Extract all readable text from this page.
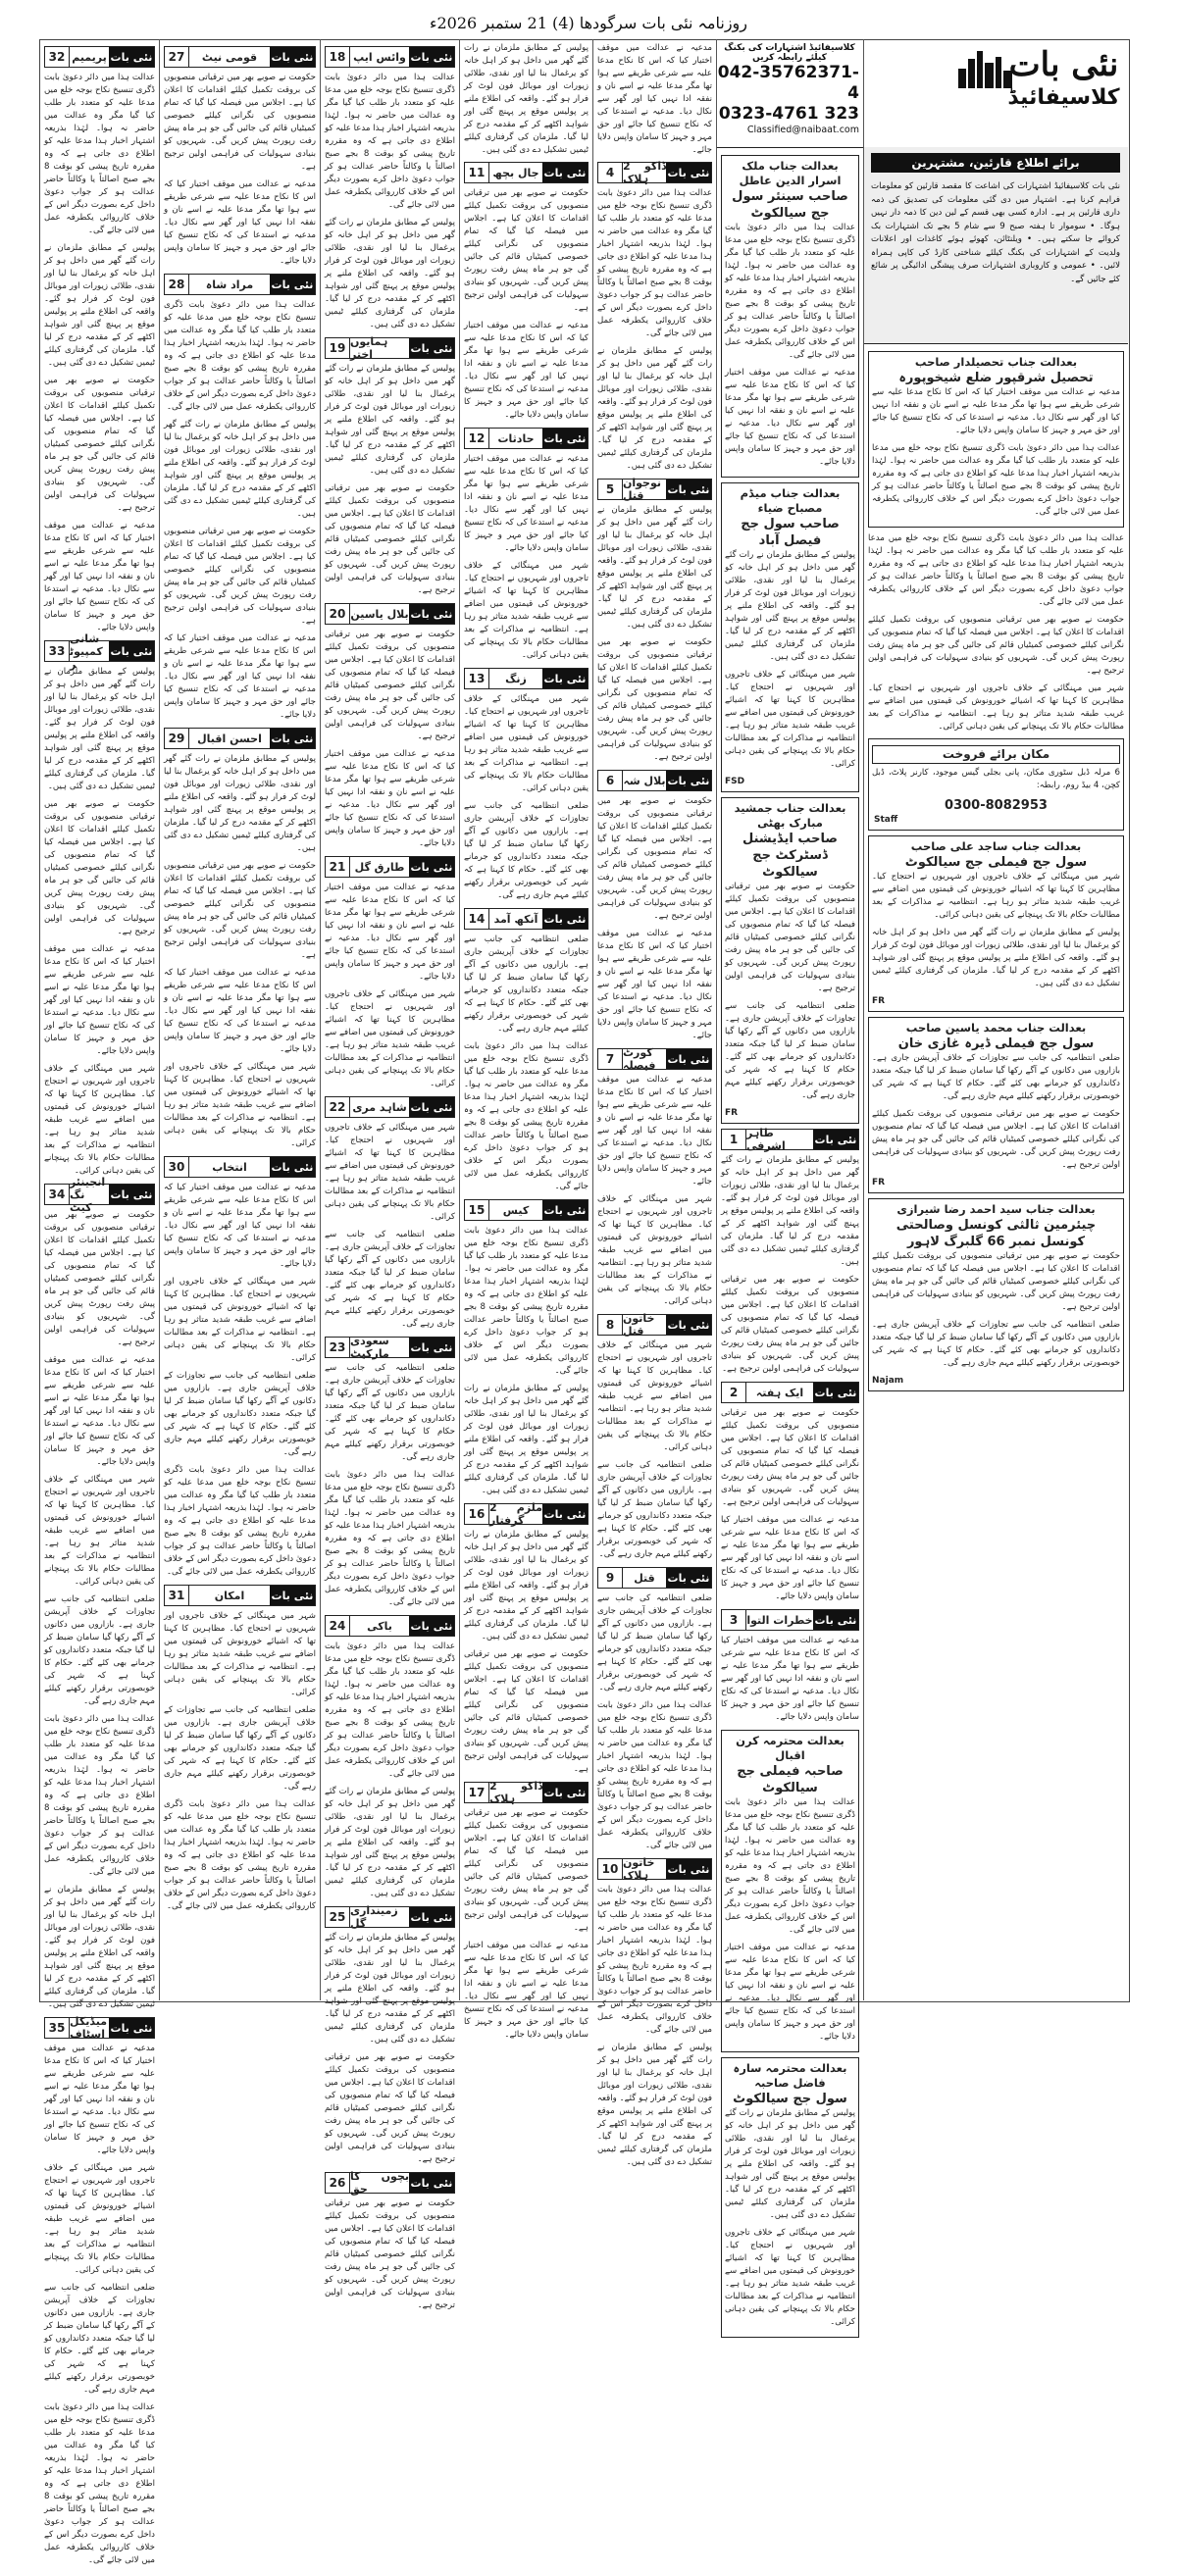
روزنامہ نئی بات سرگودھا (4) 21 ستمبر 2026ء
نئی بات
کلاسیفائیڈ
کلاسیفائیڈ اشتہارات کی بکنگ کیلئے رابطہ کریں
042-35762371-4
0323-4761 323
Classified@naibaat.com
برائے اطلاع قارئین، مشتہرین
نئی بات کلاسیفائیڈ اشتہارات کی اشاعت کا مقصد قارئین کو معلومات فراہم کرنا ہے۔ اشتہار میں دی گئی معلومات کی تصدیق کی ذمہ داری قارئین پر ہے۔ ادارہ کسی بھی قسم کے لین دین کا ذمہ دار نہیں ہوگا۔ • سوموار تا ہفتہ صبح 9 سے شام 5 بجے تک اشتہارات بک کروائے جا سکتے ہیں۔ • ویلنٹائن، کھوئے ہوئے کاغذات اور اعلانات ولدیت کے اشتہارات کی بکنگ کیلئے شناختی کارڈ کی کاپی ہمراہ لائیں۔ • عمومی و کاروباری اشتہارات صرف پیشگی ادائیگی پر شائع کئے جائیں گے۔
32 پریمیم نئی بات

عدالت ہذا میں دائر دعویٰ بابت ڈگری تنسیخ نکاح بوجہ خلع میں مدعا علیہ کو متعدد بار طلب کیا گیا مگر وہ عدالت میں حاضر نہ ہوا۔ لہٰذا بذریعہ اشتہار اخبار ہذا مدعا علیہ کو اطلاع دی جاتی ہے کہ وہ مقررہ تاریخ پیشی کو بوقت 8 بجے صبح اصالتاً یا وکالتاً حاضر عدالت ہو کر جواب دعویٰ داخل کرے بصورت دیگر اس کے خلاف کارروائی یکطرفہ عمل میں لائی جائے گی۔

پولیس کے مطابق ملزمان نے رات گئے گھر میں داخل ہو کر اہل خانہ کو یرغمال بنا لیا اور نقدی، طلائی زیورات اور موبائل فون لوٹ کر فرار ہو گئے۔ واقعہ کی اطلاع ملنے پر پولیس موقع پر پہنچ گئی اور شواہد اکٹھے کر کے مقدمہ درج کر لیا گیا۔ ملزمان کی گرفتاری کیلئے ٹیمیں تشکیل دے دی گئی ہیں۔

حکومت نے صوبے بھر میں ترقیاتی منصوبوں کی بروقت تکمیل کیلئے اقدامات کا اعلان کیا ہے۔ اجلاس میں فیصلہ کیا گیا کہ تمام منصوبوں کی نگرانی کیلئے خصوصی کمیٹیاں قائم کی جائیں گی جو ہر ماہ پیش رفت رپورٹ پیش کریں گی۔ شہریوں کو بنیادی سہولیات کی فراہمی اولین ترجیح ہے۔

مدعیہ نے عدالت میں موقف اختیار کیا کہ اس کا نکاح مدعا علیہ سے شرعی طریقے سے ہوا تھا مگر مدعا علیہ نے اسے نان و نفقہ ادا نہیں کیا اور گھر سے نکال دیا۔ مدعیہ نے استدعا کی کہ نکاح تنسیخ کیا جائے اور حق مہر و جہیز کا سامان واپس دلایا جائے۔

33
شانی کمپیوٹر
نئی بات

پولیس کے مطابق ملزمان نے رات گئے گھر میں داخل ہو کر اہل خانہ کو یرغمال بنا لیا اور نقدی، طلائی زیورات اور موبائل فون لوٹ کر فرار ہو گئے۔ واقعہ کی اطلاع ملنے پر پولیس موقع پر پہنچ گئی اور شواہد اکٹھے کر کے مقدمہ درج کر لیا گیا۔ ملزمان کی گرفتاری کیلئے ٹیمیں تشکیل دے دی گئی ہیں۔

حکومت نے صوبے بھر میں ترقیاتی منصوبوں کی بروقت تکمیل کیلئے اقدامات کا اعلان کیا ہے۔ اجلاس میں فیصلہ کیا گیا کہ تمام منصوبوں کی نگرانی کیلئے خصوصی کمیٹیاں قائم کی جائیں گی جو ہر ماہ پیش رفت رپورٹ پیش کریں گی۔ شہریوں کو بنیادی سہولیات کی فراہمی اولین ترجیح ہے۔

مدعیہ نے عدالت میں موقف اختیار کیا کہ اس کا نکاح مدعا علیہ سے شرعی طریقے سے ہوا تھا مگر مدعا علیہ نے اسے نان و نفقہ ادا نہیں کیا اور گھر سے نکال دیا۔ مدعیہ نے استدعا کی کہ نکاح تنسیخ کیا جائے اور حق مہر و جہیز کا سامان واپس دلایا جائے۔

شہر میں مہنگائی کے خلاف تاجروں اور شہریوں نے احتجاج کیا۔ مظاہرین کا کہنا تھا کہ اشیائے خورونوش کی قیمتوں میں اضافے سے غریب طبقہ شدید متاثر ہو رہا ہے۔ انتظامیہ نے مذاکرات کے بعد مطالبات حکام بالا تک پہنچانے کی یقین دہانی کرائی۔

34
انجینئرنگ کیٹ
نئی بات

حکومت نے صوبے بھر میں ترقیاتی منصوبوں کی بروقت تکمیل کیلئے اقدامات کا اعلان کیا ہے۔ اجلاس میں فیصلہ کیا گیا کہ تمام منصوبوں کی نگرانی کیلئے خصوصی کمیٹیاں قائم کی جائیں گی جو ہر ماہ پیش رفت رپورٹ پیش کریں گی۔ شہریوں کو بنیادی سہولیات کی فراہمی اولین ترجیح ہے۔

مدعیہ نے عدالت میں موقف اختیار کیا کہ اس کا نکاح مدعا علیہ سے شرعی طریقے سے ہوا تھا مگر مدعا علیہ نے اسے نان و نفقہ ادا نہیں کیا اور گھر سے نکال دیا۔ مدعیہ نے استدعا کی کہ نکاح تنسیخ کیا جائے اور حق مہر و جہیز کا سامان واپس دلایا جائے۔

شہر میں مہنگائی کے خلاف تاجروں اور شہریوں نے احتجاج کیا۔ مظاہرین کا کہنا تھا کہ اشیائے خورونوش کی قیمتوں میں اضافے سے غریب طبقہ شدید متاثر ہو رہا ہے۔ انتظامیہ نے مذاکرات کے بعد مطالبات حکام بالا تک پہنچانے کی یقین دہانی کرائی۔

ضلعی انتظامیہ کی جانب سے تجاوزات کے خلاف آپریشن جاری ہے۔ بازاروں میں دکانوں کے آگے رکھا گیا سامان ضبط کر لیا گیا جبکہ متعدد دکانداروں کو جرمانے بھی کئے گئے۔ حکام کا کہنا ہے کہ شہر کی خوبصورتی برقرار رکھنے کیلئے مہم جاری رہے گی۔

عدالت ہذا میں دائر دعویٰ بابت ڈگری تنسیخ نکاح بوجہ خلع میں مدعا علیہ کو متعدد بار طلب کیا گیا مگر وہ عدالت میں حاضر نہ ہوا۔ لہٰذا بذریعہ اشتہار اخبار ہذا مدعا علیہ کو اطلاع دی جاتی ہے کہ وہ مقررہ تاریخ پیشی کو بوقت 8 بجے صبح اصالتاً یا وکالتاً حاضر عدالت ہو کر جواب دعویٰ داخل کرے بصورت دیگر اس کے خلاف کارروائی یکطرفہ عمل میں لائی جائے گی۔

پولیس کے مطابق ملزمان نے رات گئے گھر میں داخل ہو کر اہل خانہ کو یرغمال بنا لیا اور نقدی، طلائی زیورات اور موبائل فون لوٹ کر فرار ہو گئے۔ واقعہ کی اطلاع ملنے پر پولیس موقع پر پہنچ گئی اور شواہد اکٹھے کر کے مقدمہ درج کر لیا گیا۔ ملزمان کی گرفتاری کیلئے ٹیمیں تشکیل دے دی گئی ہیں۔

35 میڈیکل اسٹاف نئی بات

مدعیہ نے عدالت میں موقف اختیار کیا کہ اس کا نکاح مدعا علیہ سے شرعی طریقے سے ہوا تھا مگر مدعا علیہ نے اسے نان و نفقہ ادا نہیں کیا اور گھر سے نکال دیا۔ مدعیہ نے استدعا کی کہ نکاح تنسیخ کیا جائے اور حق مہر و جہیز کا سامان واپس دلایا جائے۔

شہر میں مہنگائی کے خلاف تاجروں اور شہریوں نے احتجاج کیا۔ مظاہرین کا کہنا تھا کہ اشیائے خورونوش کی قیمتوں میں اضافے سے غریب طبقہ شدید متاثر ہو رہا ہے۔ انتظامیہ نے مذاکرات کے بعد مطالبات حکام بالا تک پہنچانے کی یقین دہانی کرائی۔

ضلعی انتظامیہ کی جانب سے تجاوزات کے خلاف آپریشن جاری ہے۔ بازاروں میں دکانوں کے آگے رکھا گیا سامان ضبط کر لیا گیا جبکہ متعدد دکانداروں کو جرمانے بھی کئے گئے۔ حکام کا کہنا ہے کہ شہر کی خوبصورتی برقرار رکھنے کیلئے مہم جاری رہے گی۔

عدالت ہذا میں دائر دعویٰ بابت ڈگری تنسیخ نکاح بوجہ خلع میں مدعا علیہ کو متعدد بار طلب کیا گیا مگر وہ عدالت میں حاضر نہ ہوا۔ لہٰذا بذریعہ اشتہار اخبار ہذا مدعا علیہ کو اطلاع دی جاتی ہے کہ وہ مقررہ تاریخ پیشی کو بوقت 8 بجے صبح اصالتاً یا وکالتاً حاضر عدالت ہو کر جواب دعویٰ داخل کرے بصورت دیگر اس کے خلاف کارروائی یکطرفہ عمل میں لائی جائے گی۔

27	قومی نیٹ	نئی بات

حکومت نے صوبے بھر میں ترقیاتی منصوبوں کی بروقت تکمیل کیلئے اقدامات کا اعلان کیا ہے۔ اجلاس میں فیصلہ کیا گیا کہ تمام منصوبوں کی نگرانی کیلئے خصوصی کمیٹیاں قائم کی جائیں گی جو ہر ماہ پیش رفت رپورٹ پیش کریں گی۔ شہریوں کو بنیادی سہولیات کی فراہمی اولین ترجیح ہے۔

مدعیہ نے عدالت میں موقف اختیار کیا کہ اس کا نکاح مدعا علیہ سے شرعی طریقے سے ہوا تھا مگر مدعا علیہ نے اسے نان و نفقہ ادا نہیں کیا اور گھر سے نکال دیا۔ مدعیہ نے استدعا کی کہ نکاح تنسیخ کیا جائے اور حق مہر و جہیز کا سامان واپس دلایا جائے۔

28	مراد شاہ	نئی بات

عدالت ہذا میں دائر دعویٰ بابت ڈگری تنسیخ نکاح بوجہ خلع میں مدعا علیہ کو متعدد بار طلب کیا گیا مگر وہ عدالت میں حاضر نہ ہوا۔ لہٰذا بذریعہ اشتہار اخبار ہذا مدعا علیہ کو اطلاع دی جاتی ہے کہ وہ مقررہ تاریخ پیشی کو بوقت 8 بجے صبح اصالتاً یا وکالتاً حاضر عدالت ہو کر جواب دعویٰ داخل کرے بصورت دیگر اس کے خلاف کارروائی یکطرفہ عمل میں لائی جائے گی۔

پولیس کے مطابق ملزمان نے رات گئے گھر میں داخل ہو کر اہل خانہ کو یرغمال بنا لیا اور نقدی، طلائی زیورات اور موبائل فون لوٹ کر فرار ہو گئے۔ واقعہ کی اطلاع ملنے پر پولیس موقع پر پہنچ گئی اور شواہد اکٹھے کر کے مقدمہ درج کر لیا گیا۔ ملزمان کی گرفتاری کیلئے ٹیمیں تشکیل دے دی گئی ہیں۔

حکومت نے صوبے بھر میں ترقیاتی منصوبوں کی بروقت تکمیل کیلئے اقدامات کا اعلان کیا ہے۔ اجلاس میں فیصلہ کیا گیا کہ تمام منصوبوں کی نگرانی کیلئے خصوصی کمیٹیاں قائم کی جائیں گی جو ہر ماہ پیش رفت رپورٹ پیش کریں گی۔ شہریوں کو بنیادی سہولیات کی فراہمی اولین ترجیح ہے۔

مدعیہ نے عدالت میں موقف اختیار کیا کہ اس کا نکاح مدعا علیہ سے شرعی طریقے سے ہوا تھا مگر مدعا علیہ نے اسے نان و نفقہ ادا نہیں کیا اور گھر سے نکال دیا۔ مدعیہ نے استدعا کی کہ نکاح تنسیخ کیا جائے اور حق مہر و جہیز کا سامان واپس دلایا جائے۔

29	احسن اقبال نئی بات

پولیس کے مطابق ملزمان نے رات گئے گھر میں داخل ہو کر اہل خانہ کو یرغمال بنا لیا اور نقدی، طلائی زیورات اور موبائل فون لوٹ کر فرار ہو گئے۔ واقعہ کی اطلاع ملنے پر پولیس موقع پر پہنچ گئی اور شواہد اکٹھے کر کے مقدمہ درج کر لیا گیا۔ ملزمان کی گرفتاری کیلئے ٹیمیں تشکیل دے دی گئی ہیں۔

حکومت نے صوبے بھر میں ترقیاتی منصوبوں کی بروقت تکمیل کیلئے اقدامات کا اعلان کیا ہے۔ اجلاس میں فیصلہ کیا گیا کہ تمام منصوبوں کی نگرانی کیلئے خصوصی کمیٹیاں قائم کی جائیں گی جو ہر ماہ پیش رفت رپورٹ پیش کریں گی۔ شہریوں کو بنیادی سہولیات کی فراہمی اولین ترجیح ہے۔

مدعیہ نے عدالت میں موقف اختیار کیا کہ اس کا نکاح مدعا علیہ سے شرعی طریقے سے ہوا تھا مگر مدعا علیہ نے اسے نان و نفقہ ادا نہیں کیا اور گھر سے نکال دیا۔ مدعیہ نے استدعا کی کہ نکاح تنسیخ کیا جائے اور حق مہر و جہیز کا سامان واپس دلایا جائے۔

شہر میں مہنگائی کے خلاف تاجروں اور شہریوں نے احتجاج کیا۔ مظاہرین کا کہنا تھا کہ اشیائے خورونوش کی قیمتوں میں اضافے سے غریب طبقہ شدید متاثر ہو رہا ہے۔ انتظامیہ نے مذاکرات کے بعد مطالبات حکام بالا تک پہنچانے کی یقین دہانی کرائی۔

30	انتخاب	نئی بات

مدعیہ نے عدالت میں موقف اختیار کیا کہ اس کا نکاح مدعا علیہ سے شرعی طریقے سے ہوا تھا مگر مدعا علیہ نے اسے نان و نفقہ ادا نہیں کیا اور گھر سے نکال دیا۔ مدعیہ نے استدعا کی کہ نکاح تنسیخ کیا جائے اور حق مہر و جہیز کا سامان واپس دلایا جائے۔

شہر میں مہنگائی کے خلاف تاجروں اور شہریوں نے احتجاج کیا۔ مظاہرین کا کہنا تھا کہ اشیائے خورونوش کی قیمتوں میں اضافے سے غریب طبقہ شدید متاثر ہو رہا ہے۔ انتظامیہ نے مذاکرات کے بعد مطالبات حکام بالا تک پہنچانے کی یقین دہانی کرائی۔

ضلعی انتظامیہ کی جانب سے تجاوزات کے خلاف آپریشن جاری ہے۔ بازاروں میں دکانوں کے آگے رکھا گیا سامان ضبط کر لیا گیا جبکہ متعدد دکانداروں کو جرمانے بھی کئے گئے۔ حکام کا کہنا ہے کہ شہر کی خوبصورتی برقرار رکھنے کیلئے مہم جاری رہے گی۔

عدالت ہذا میں دائر دعویٰ بابت ڈگری تنسیخ نکاح بوجہ خلع میں مدعا علیہ کو متعدد بار طلب کیا گیا مگر وہ عدالت میں حاضر نہ ہوا۔ لہٰذا بذریعہ اشتہار اخبار ہذا مدعا علیہ کو اطلاع دی جاتی ہے کہ وہ مقررہ تاریخ پیشی کو بوقت 8 بجے صبح اصالتاً یا وکالتاً حاضر عدالت ہو کر جواب دعویٰ داخل کرے بصورت دیگر اس کے خلاف کارروائی یکطرفہ عمل میں لائی جائے گی۔

31	امکان	نئی بات

شہر میں مہنگائی کے خلاف تاجروں اور شہریوں نے احتجاج کیا۔ مظاہرین کا کہنا تھا کہ اشیائے خورونوش کی قیمتوں میں اضافے سے غریب طبقہ شدید متاثر ہو رہا ہے۔ انتظامیہ نے مذاکرات کے بعد مطالبات حکام بالا تک پہنچانے کی یقین دہانی کرائی۔

ضلعی انتظامیہ کی جانب سے تجاوزات کے خلاف آپریشن جاری ہے۔ بازاروں میں دکانوں کے آگے رکھا گیا سامان ضبط کر لیا گیا جبکہ متعدد دکانداروں کو جرمانے بھی کئے گئے۔ حکام کا کہنا ہے کہ شہر کی خوبصورتی برقرار رکھنے کیلئے مہم جاری رہے گی۔

عدالت ہذا میں دائر دعویٰ بابت ڈگری تنسیخ نکاح بوجہ خلع میں مدعا علیہ کو متعدد بار طلب کیا گیا مگر وہ عدالت میں حاضر نہ ہوا۔ لہٰذا بذریعہ اشتہار اخبار ہذا مدعا علیہ کو اطلاع دی جاتی ہے کہ وہ مقررہ تاریخ پیشی کو بوقت 8 بجے صبح اصالتاً یا وکالتاً حاضر عدالت ہو کر جواب دعویٰ داخل کرے بصورت دیگر اس کے خلاف کارروائی یکطرفہ عمل میں لائی جائے گی۔

18 وائس ایپ نئی بات

عدالت ہذا میں دائر دعویٰ بابت ڈگری تنسیخ نکاح بوجہ خلع میں مدعا علیہ کو متعدد بار طلب کیا گیا مگر وہ عدالت میں حاضر نہ ہوا۔ لہٰذا بذریعہ اشتہار اخبار ہذا مدعا علیہ کو اطلاع دی جاتی ہے کہ وہ مقررہ تاریخ پیشی کو بوقت 8 بجے صبح اصالتاً یا وکالتاً حاضر عدالت ہو کر جواب دعویٰ داخل کرے بصورت دیگر اس کے خلاف کارروائی یکطرفہ عمل میں لائی جائے گی۔

پولیس کے مطابق ملزمان نے رات گئے گھر میں داخل ہو کر اہل خانہ کو یرغمال بنا لیا اور نقدی، طلائی زیورات اور موبائل فون لوٹ کر فرار ہو گئے۔ واقعہ کی اطلاع ملنے پر پولیس موقع پر پہنچ گئی اور شواہد اکٹھے کر کے مقدمہ درج کر لیا گیا۔ ملزمان کی گرفتاری کیلئے ٹیمیں تشکیل دے دی گئی ہیں۔

19 ہمایوں اختر	نئی بات

پولیس کے مطابق ملزمان نے رات گئے گھر میں داخل ہو کر اہل خانہ کو یرغمال بنا لیا اور نقدی، طلائی زیورات اور موبائل فون لوٹ کر فرار ہو گئے۔ واقعہ کی اطلاع ملنے پر پولیس موقع پر پہنچ گئی اور شواہد اکٹھے کر کے مقدمہ درج کر لیا گیا۔ ملزمان کی گرفتاری کیلئے ٹیمیں تشکیل دے دی گئی ہیں۔

حکومت نے صوبے بھر میں ترقیاتی منصوبوں کی بروقت تکمیل کیلئے اقدامات کا اعلان کیا ہے۔ اجلاس میں فیصلہ کیا گیا کہ تمام منصوبوں کی نگرانی کیلئے خصوصی کمیٹیاں قائم کی جائیں گی جو ہر ماہ پیش رفت رپورٹ پیش کریں گی۔ شہریوں کو بنیادی سہولیات کی فراہمی اولین ترجیح ہے۔

20 بلال یاسین نئی بات

حکومت نے صوبے بھر میں ترقیاتی منصوبوں کی بروقت تکمیل کیلئے اقدامات کا اعلان کیا ہے۔ اجلاس میں فیصلہ کیا گیا کہ تمام منصوبوں کی نگرانی کیلئے خصوصی کمیٹیاں قائم کی جائیں گی جو ہر ماہ پیش رفت رپورٹ پیش کریں گی۔ شہریوں کو بنیادی سہولیات کی فراہمی اولین ترجیح ہے۔

مدعیہ نے عدالت میں موقف اختیار کیا کہ اس کا نکاح مدعا علیہ سے شرعی طریقے سے ہوا تھا مگر مدعا علیہ نے اسے نان و نفقہ ادا نہیں کیا اور گھر سے نکال دیا۔ مدعیہ نے استدعا کی کہ نکاح تنسیخ کیا جائے اور حق مہر و جہیز کا سامان واپس دلایا جائے۔

21 طارق گل نئی بات

مدعیہ نے عدالت میں موقف اختیار کیا کہ اس کا نکاح مدعا علیہ سے شرعی طریقے سے ہوا تھا مگر مدعا علیہ نے اسے نان و نفقہ ادا نہیں کیا اور گھر سے نکال دیا۔ مدعیہ نے استدعا کی کہ نکاح تنسیخ کیا جائے اور حق مہر و جہیز کا سامان واپس دلایا جائے۔

شہر میں مہنگائی کے خلاف تاجروں اور شہریوں نے احتجاج کیا۔ مظاہرین کا کہنا تھا کہ اشیائے خورونوش کی قیمتوں میں اضافے سے غریب طبقہ شدید متاثر ہو رہا ہے۔ انتظامیہ نے مذاکرات کے بعد مطالبات حکام بالا تک پہنچانے کی یقین دہانی کرائی۔

22 شاہد مری نئی بات

شہر میں مہنگائی کے خلاف تاجروں اور شہریوں نے احتجاج کیا۔ مظاہرین کا کہنا تھا کہ اشیائے خورونوش کی قیمتوں میں اضافے سے غریب طبقہ شدید متاثر ہو رہا ہے۔ انتظامیہ نے مذاکرات کے بعد مطالبات حکام بالا تک پہنچانے کی یقین دہانی کرائی۔

ضلعی انتظامیہ کی جانب سے تجاوزات کے خلاف آپریشن جاری ہے۔ بازاروں میں دکانوں کے آگے رکھا گیا سامان ضبط کر لیا گیا جبکہ متعدد دکانداروں کو جرمانے بھی کئے گئے۔ حکام کا کہنا ہے کہ شہر کی خوبصورتی برقرار رکھنے کیلئے مہم جاری رہے گی۔

23 سعودی مارکیٹ	نئی بات

ضلعی انتظامیہ کی جانب سے تجاوزات کے خلاف آپریشن جاری ہے۔ بازاروں میں دکانوں کے آگے رکھا گیا سامان ضبط کر لیا گیا جبکہ متعدد دکانداروں کو جرمانے بھی کئے گئے۔ حکام کا کہنا ہے کہ شہر کی خوبصورتی برقرار رکھنے کیلئے مہم جاری رہے گی۔

عدالت ہذا میں دائر دعویٰ بابت ڈگری تنسیخ نکاح بوجہ خلع میں مدعا علیہ کو متعدد بار طلب کیا گیا مگر وہ عدالت میں حاضر نہ ہوا۔ لہٰذا بذریعہ اشتہار اخبار ہذا مدعا علیہ کو اطلاع دی جاتی ہے کہ وہ مقررہ تاریخ پیشی کو بوقت 8 بجے صبح اصالتاً یا وکالتاً حاضر عدالت ہو کر جواب دعویٰ داخل کرے بصورت دیگر اس کے خلاف کارروائی یکطرفہ عمل میں لائی جائے گی۔

24	باکی	نئی بات

عدالت ہذا میں دائر دعویٰ بابت ڈگری تنسیخ نکاح بوجہ خلع میں مدعا علیہ کو متعدد بار طلب کیا گیا مگر وہ عدالت میں حاضر نہ ہوا۔ لہٰذا بذریعہ اشتہار اخبار ہذا مدعا علیہ کو اطلاع دی جاتی ہے کہ وہ مقررہ تاریخ پیشی کو بوقت 8 بجے صبح اصالتاً یا وکالتاً حاضر عدالت ہو کر جواب دعویٰ داخل کرے بصورت دیگر اس کے خلاف کارروائی یکطرفہ عمل میں لائی جائے گی۔

پولیس کے مطابق ملزمان نے رات گئے گھر میں داخل ہو کر اہل خانہ کو یرغمال بنا لیا اور نقدی، طلائی زیورات اور موبائل فون لوٹ کر فرار ہو گئے۔ واقعہ کی اطلاع ملنے پر پولیس موقع پر پہنچ گئی اور شواہد اکٹھے کر کے مقدمہ درج کر لیا گیا۔ ملزمان کی گرفتاری کیلئے ٹیمیں تشکیل دے دی گئی ہیں۔

25 زمینداری گل	نئی بات

پولیس کے مطابق ملزمان نے رات گئے گھر میں داخل ہو کر اہل خانہ کو یرغمال بنا لیا اور نقدی، طلائی زیورات اور موبائل فون لوٹ کر فرار ہو گئے۔ واقعہ کی اطلاع ملنے پر پولیس موقع پر پہنچ گئی اور شواہد اکٹھے کر کے مقدمہ درج کر لیا گیا۔ ملزمان کی گرفتاری کیلئے ٹیمیں تشکیل دے دی گئی ہیں۔

حکومت نے صوبے بھر میں ترقیاتی منصوبوں کی بروقت تکمیل کیلئے اقدامات کا اعلان کیا ہے۔ اجلاس میں فیصلہ کیا گیا کہ تمام منصوبوں کی نگرانی کیلئے خصوصی کمیٹیاں قائم کی جائیں گی جو ہر ماہ پیش رفت رپورٹ پیش کریں گی۔ شہریوں کو بنیادی سہولیات کی فراہمی اولین ترجیح ہے۔

26 بچوں کا حق	نئی بات

حکومت نے صوبے بھر میں ترقیاتی منصوبوں کی بروقت تکمیل کیلئے اقدامات کا اعلان کیا ہے۔ اجلاس میں فیصلہ کیا گیا کہ تمام منصوبوں کی نگرانی کیلئے خصوصی کمیٹیاں قائم کی جائیں گی جو ہر ماہ پیش رفت رپورٹ پیش کریں گی۔ شہریوں کو بنیادی سہولیات کی فراہمی اولین ترجیح ہے۔

پولیس کے مطابق ملزمان نے رات گئے گھر میں داخل ہو کر اہل خانہ کو یرغمال بنا لیا اور نقدی، طلائی زیورات اور موبائل فون لوٹ کر فرار ہو گئے۔ واقعہ کی اطلاع ملنے پر پولیس موقع پر پہنچ گئی اور شواہد اکٹھے کر کے مقدمہ درج کر لیا گیا۔ ملزمان کی گرفتاری کیلئے ٹیمیں تشکیل دے دی گئی ہیں۔

11 جال بچھ نئی بات

حکومت نے صوبے بھر میں ترقیاتی منصوبوں کی بروقت تکمیل کیلئے اقدامات کا اعلان کیا ہے۔ اجلاس میں فیصلہ کیا گیا کہ تمام منصوبوں کی نگرانی کیلئے خصوصی کمیٹیاں قائم کی جائیں گی جو ہر ماہ پیش رفت رپورٹ پیش کریں گی۔ شہریوں کو بنیادی سہولیات کی فراہمی اولین ترجیح ہے۔

مدعیہ نے عدالت میں موقف اختیار کیا کہ اس کا نکاح مدعا علیہ سے شرعی طریقے سے ہوا تھا مگر مدعا علیہ نے اسے نان و نفقہ ادا نہیں کیا اور گھر سے نکال دیا۔ مدعیہ نے استدعا کی کہ نکاح تنسیخ کیا جائے اور حق مہر و جہیز کا سامان واپس دلایا جائے۔

12	حادثات نئی بات

مدعیہ نے عدالت میں موقف اختیار کیا کہ اس کا نکاح مدعا علیہ سے شرعی طریقے سے ہوا تھا مگر مدعا علیہ نے اسے نان و نفقہ ادا نہیں کیا اور گھر سے نکال دیا۔ مدعیہ نے استدعا کی کہ نکاح تنسیخ کیا جائے اور حق مہر و جہیز کا سامان واپس دلایا جائے۔

شہر میں مہنگائی کے خلاف تاجروں اور شہریوں نے احتجاج کیا۔ مظاہرین کا کہنا تھا کہ اشیائے خورونوش کی قیمتوں میں اضافے سے غریب طبقہ شدید متاثر ہو رہا ہے۔ انتظامیہ نے مذاکرات کے بعد مطالبات حکام بالا تک پہنچانے کی یقین دہانی کرائی۔

13	زنگ	نئی بات

شہر میں مہنگائی کے خلاف تاجروں اور شہریوں نے احتجاج کیا۔ مظاہرین کا کہنا تھا کہ اشیائے خورونوش کی قیمتوں میں اضافے سے غریب طبقہ شدید متاثر ہو رہا ہے۔ انتظامیہ نے مذاکرات کے بعد مطالبات حکام بالا تک پہنچانے کی یقین دہانی کرائی۔

ضلعی انتظامیہ کی جانب سے تجاوزات کے خلاف آپریشن جاری ہے۔ بازاروں میں دکانوں کے آگے رکھا گیا سامان ضبط کر لیا گیا جبکہ متعدد دکانداروں کو جرمانے بھی کئے گئے۔ حکام کا کہنا ہے کہ شہر کی خوبصورتی برقرار رکھنے کیلئے مہم جاری رہے گی۔

14 آنکھ آمد نئی بات

ضلعی انتظامیہ کی جانب سے تجاوزات کے خلاف آپریشن جاری ہے۔ بازاروں میں دکانوں کے آگے رکھا گیا سامان ضبط کر لیا گیا جبکہ متعدد دکانداروں کو جرمانے بھی کئے گئے۔ حکام کا کہنا ہے کہ شہر کی خوبصورتی برقرار رکھنے کیلئے مہم جاری رہے گی۔

عدالت ہذا میں دائر دعویٰ بابت ڈگری تنسیخ نکاح بوجہ خلع میں مدعا علیہ کو متعدد بار طلب کیا گیا مگر وہ عدالت میں حاضر نہ ہوا۔ لہٰذا بذریعہ اشتہار اخبار ہذا مدعا علیہ کو اطلاع دی جاتی ہے کہ وہ مقررہ تاریخ پیشی کو بوقت 8 بجے صبح اصالتاً یا وکالتاً حاضر عدالت ہو کر جواب دعویٰ داخل کرے بصورت دیگر اس کے خلاف کارروائی یکطرفہ عمل میں لائی جائے گی۔

15	کیس	نئی بات

عدالت ہذا میں دائر دعویٰ بابت ڈگری تنسیخ نکاح بوجہ خلع میں مدعا علیہ کو متعدد بار طلب کیا گیا مگر وہ عدالت میں حاضر نہ ہوا۔ لہٰذا بذریعہ اشتہار اخبار ہذا مدعا علیہ کو اطلاع دی جاتی ہے کہ وہ مقررہ تاریخ پیشی کو بوقت 8 بجے صبح اصالتاً یا وکالتاً حاضر عدالت ہو کر جواب دعویٰ داخل کرے بصورت دیگر اس کے خلاف کارروائی یکطرفہ عمل میں لائی جائے گی۔

پولیس کے مطابق ملزمان نے رات گئے گھر میں داخل ہو کر اہل خانہ کو یرغمال بنا لیا اور نقدی، طلائی زیورات اور موبائل فون لوٹ کر فرار ہو گئے۔ واقعہ کی اطلاع ملنے پر پولیس موقع پر پہنچ گئی اور شواہد اکٹھے کر کے مقدمہ درج کر لیا گیا۔ ملزمان کی گرفتاری کیلئے ٹیمیں تشکیل دے دی گئی ہیں۔

16 2 ملزم گرفتار	نئی بات

پولیس کے مطابق ملزمان نے رات گئے گھر میں داخل ہو کر اہل خانہ کو یرغمال بنا لیا اور نقدی، طلائی زیورات اور موبائل فون لوٹ کر فرار ہو گئے۔ واقعہ کی اطلاع ملنے پر پولیس موقع پر پہنچ گئی اور شواہد اکٹھے کر کے مقدمہ درج کر لیا گیا۔ ملزمان کی گرفتاری کیلئے ٹیمیں تشکیل دے دی گئی ہیں۔

حکومت نے صوبے بھر میں ترقیاتی منصوبوں کی بروقت تکمیل کیلئے اقدامات کا اعلان کیا ہے۔ اجلاس میں فیصلہ کیا گیا کہ تمام منصوبوں کی نگرانی کیلئے خصوصی کمیٹیاں قائم کی جائیں گی جو ہر ماہ پیش رفت رپورٹ پیش کریں گی۔ شہریوں کو بنیادی سہولیات کی فراہمی اولین ترجیح ہے۔

17 2 ڈاکو ہلاک	نئی بات

حکومت نے صوبے بھر میں ترقیاتی منصوبوں کی بروقت تکمیل کیلئے اقدامات کا اعلان کیا ہے۔ اجلاس میں فیصلہ کیا گیا کہ تمام منصوبوں کی نگرانی کیلئے خصوصی کمیٹیاں قائم کی جائیں گی جو ہر ماہ پیش رفت رپورٹ پیش کریں گی۔ شہریوں کو بنیادی سہولیات کی فراہمی اولین ترجیح ہے۔

مدعیہ نے عدالت میں موقف اختیار کیا کہ اس کا نکاح مدعا علیہ سے شرعی طریقے سے ہوا تھا مگر مدعا علیہ نے اسے نان و نفقہ ادا نہیں کیا اور گھر سے نکال دیا۔ مدعیہ نے استدعا کی کہ نکاح تنسیخ کیا جائے اور حق مہر و جہیز کا سامان واپس دلایا جائے۔

مدعیہ نے عدالت میں موقف اختیار کیا کہ اس کا نکاح مدعا علیہ سے شرعی طریقے سے ہوا تھا مگر مدعا علیہ نے اسے نان و نفقہ ادا نہیں کیا اور گھر سے نکال دیا۔ مدعیہ نے استدعا کی کہ نکاح تنسیخ کیا جائے اور حق مہر و جہیز کا سامان واپس دلایا جائے۔

4 2 ڈاکو ہلاک	نئی بات

عدالت ہذا میں دائر دعویٰ بابت ڈگری تنسیخ نکاح بوجہ خلع میں مدعا علیہ کو متعدد بار طلب کیا گیا مگر وہ عدالت میں حاضر نہ ہوا۔ لہٰذا بذریعہ اشتہار اخبار ہذا مدعا علیہ کو اطلاع دی جاتی ہے کہ وہ مقررہ تاریخ پیشی کو بوقت 8 بجے صبح اصالتاً یا وکالتاً حاضر عدالت ہو کر جواب دعویٰ داخل کرے بصورت دیگر اس کے خلاف کارروائی یکطرفہ عمل میں لائی جائے گی۔

پولیس کے مطابق ملزمان نے رات گئے گھر میں داخل ہو کر اہل خانہ کو یرغمال بنا لیا اور نقدی، طلائی زیورات اور موبائل فون لوٹ کر فرار ہو گئے۔ واقعہ کی اطلاع ملنے پر پولیس موقع پر پہنچ گئی اور شواہد اکٹھے کر کے مقدمہ درج کر لیا گیا۔ ملزمان کی گرفتاری کیلئے ٹیمیں تشکیل دے دی گئی ہیں۔

5 نوجوان قتل	نئی بات

پولیس کے مطابق ملزمان نے رات گئے گھر میں داخل ہو کر اہل خانہ کو یرغمال بنا لیا اور نقدی، طلائی زیورات اور موبائل فون لوٹ کر فرار ہو گئے۔ واقعہ کی اطلاع ملنے پر پولیس موقع پر پہنچ گئی اور شواہد اکٹھے کر کے مقدمہ درج کر لیا گیا۔ ملزمان کی گرفتاری کیلئے ٹیمیں تشکیل دے دی گئی ہیں۔

حکومت نے صوبے بھر میں ترقیاتی منصوبوں کی بروقت تکمیل کیلئے اقدامات کا اعلان کیا ہے۔ اجلاس میں فیصلہ کیا گیا کہ تمام منصوبوں کی نگرانی کیلئے خصوصی کمیٹیاں قائم کی جائیں گی جو ہر ماہ پیش رفت رپورٹ پیش کریں گی۔ شہریوں کو بنیادی سہولیات کی فراہمی اولین ترجیح ہے۔

6 بلال شہ نئی بات

حکومت نے صوبے بھر میں ترقیاتی منصوبوں کی بروقت تکمیل کیلئے اقدامات کا اعلان کیا ہے۔ اجلاس میں فیصلہ کیا گیا کہ تمام منصوبوں کی نگرانی کیلئے خصوصی کمیٹیاں قائم کی جائیں گی جو ہر ماہ پیش رفت رپورٹ پیش کریں گی۔ شہریوں کو بنیادی سہولیات کی فراہمی اولین ترجیح ہے۔

مدعیہ نے عدالت میں موقف اختیار کیا کہ اس کا نکاح مدعا علیہ سے شرعی طریقے سے ہوا تھا مگر مدعا علیہ نے اسے نان و نفقہ ادا نہیں کیا اور گھر سے نکال دیا۔ مدعیہ نے استدعا کی کہ نکاح تنسیخ کیا جائے اور حق مہر و جہیز کا سامان واپس دلایا جائے۔

7 کورٹ فیصلہ	نئی بات

مدعیہ نے عدالت میں موقف اختیار کیا کہ اس کا نکاح مدعا علیہ سے شرعی طریقے سے ہوا تھا مگر مدعا علیہ نے اسے نان و نفقہ ادا نہیں کیا اور گھر سے نکال دیا۔ مدعیہ نے استدعا کی کہ نکاح تنسیخ کیا جائے اور حق مہر و جہیز کا سامان واپس دلایا جائے۔

شہر میں مہنگائی کے خلاف تاجروں اور شہریوں نے احتجاج کیا۔ مظاہرین کا کہنا تھا کہ اشیائے خورونوش کی قیمتوں میں اضافے سے غریب طبقہ شدید متاثر ہو رہا ہے۔ انتظامیہ نے مذاکرات کے بعد مطالبات حکام بالا تک پہنچانے کی یقین دہانی کرائی۔

8 خاتون قتل	نئی بات

شہر میں مہنگائی کے خلاف تاجروں اور شہریوں نے احتجاج کیا۔ مظاہرین کا کہنا تھا کہ اشیائے خورونوش کی قیمتوں میں اضافے سے غریب طبقہ شدید متاثر ہو رہا ہے۔ انتظامیہ نے مذاکرات کے بعد مطالبات حکام بالا تک پہنچانے کی یقین دہانی کرائی۔

ضلعی انتظامیہ کی جانب سے تجاوزات کے خلاف آپریشن جاری ہے۔ بازاروں میں دکانوں کے آگے رکھا گیا سامان ضبط کر لیا گیا جبکہ متعدد دکانداروں کو جرمانے بھی کئے گئے۔ حکام کا کہنا ہے کہ شہر کی خوبصورتی برقرار رکھنے کیلئے مہم جاری رہے گی۔

9	قتل	نئی بات

ضلعی انتظامیہ کی جانب سے تجاوزات کے خلاف آپریشن جاری ہے۔ بازاروں میں دکانوں کے آگے رکھا گیا سامان ضبط کر لیا گیا جبکہ متعدد دکانداروں کو جرمانے بھی کئے گئے۔ حکام کا کہنا ہے کہ شہر کی خوبصورتی برقرار رکھنے کیلئے مہم جاری رہے گی۔

عدالت ہذا میں دائر دعویٰ بابت ڈگری تنسیخ نکاح بوجہ خلع میں مدعا علیہ کو متعدد بار طلب کیا گیا مگر وہ عدالت میں حاضر نہ ہوا۔ لہٰذا بذریعہ اشتہار اخبار ہذا مدعا علیہ کو اطلاع دی جاتی ہے کہ وہ مقررہ تاریخ پیشی کو بوقت 8 بجے صبح اصالتاً یا وکالتاً حاضر عدالت ہو کر جواب دعویٰ داخل کرے بصورت دیگر اس کے خلاف کارروائی یکطرفہ عمل میں لائی جائے گی۔

10 خاتون ہلاک	نئی بات

عدالت ہذا میں دائر دعویٰ بابت ڈگری تنسیخ نکاح بوجہ خلع میں مدعا علیہ کو متعدد بار طلب کیا گیا مگر وہ عدالت میں حاضر نہ ہوا۔ لہٰذا بذریعہ اشتہار اخبار ہذا مدعا علیہ کو اطلاع دی جاتی ہے کہ وہ مقررہ تاریخ پیشی کو بوقت 8 بجے صبح اصالتاً یا وکالتاً حاضر عدالت ہو کر جواب دعویٰ داخل کرے بصورت دیگر اس کے خلاف کارروائی یکطرفہ عمل میں لائی جائے گی۔

پولیس کے مطابق ملزمان نے رات گئے گھر میں داخل ہو کر اہل خانہ کو یرغمال بنا لیا اور نقدی، طلائی زیورات اور موبائل فون لوٹ کر فرار ہو گئے۔ واقعہ کی اطلاع ملنے پر پولیس موقع پر پہنچ گئی اور شواہد اکٹھے کر کے مقدمہ درج کر لیا گیا۔ ملزمان کی گرفتاری کیلئے ٹیمیں تشکیل دے دی گئی ہیں۔

بعدالت جناب ملک اسرار الدین عاطل
صاحب سینئر سول جج سیالکوٹ

عدالت ہذا میں دائر دعویٰ بابت ڈگری تنسیخ نکاح بوجہ خلع میں مدعا علیہ کو متعدد بار طلب کیا گیا مگر وہ عدالت میں حاضر نہ ہوا۔ لہٰذا بذریعہ اشتہار اخبار ہذا مدعا علیہ کو اطلاع دی جاتی ہے کہ وہ مقررہ تاریخ پیشی کو بوقت 8 بجے صبح اصالتاً یا وکالتاً حاضر عدالت ہو کر جواب دعویٰ داخل کرے بصورت دیگر اس کے خلاف کارروائی یکطرفہ عمل میں لائی جائے گی۔

مدعیہ نے عدالت میں موقف اختیار کیا کہ اس کا نکاح مدعا علیہ سے شرعی طریقے سے ہوا تھا مگر مدعا علیہ نے اسے نان و نفقہ ادا نہیں کیا اور گھر سے نکال دیا۔ مدعیہ نے استدعا کی کہ نکاح تنسیخ کیا جائے اور حق مہر و جہیز کا سامان واپس دلایا جائے۔

بعدالت جناب میڈم مصباح ضیاء
صاحب سول جج فیصل آباد

پولیس کے مطابق ملزمان نے رات گئے گھر میں داخل ہو کر اہل خانہ کو یرغمال بنا لیا اور نقدی، طلائی زیورات اور موبائل فون لوٹ کر فرار ہو گئے۔ واقعہ کی اطلاع ملنے پر پولیس موقع پر پہنچ گئی اور شواہد اکٹھے کر کے مقدمہ درج کر لیا گیا۔ ملزمان کی گرفتاری کیلئے ٹیمیں تشکیل دے دی گئی ہیں۔

شہر میں مہنگائی کے خلاف تاجروں اور شہریوں نے احتجاج کیا۔ مظاہرین کا کہنا تھا کہ اشیائے خورونوش کی قیمتوں میں اضافے سے غریب طبقہ شدید متاثر ہو رہا ہے۔ انتظامیہ نے مذاکرات کے بعد مطالبات حکام بالا تک پہنچانے کی یقین دہانی کرائی۔

FSD
بعدالت جناب جمشید مبارک بھٹی
صاحب ایڈیشنل ڈسٹرکٹ جج سیالکوٹ

حکومت نے صوبے بھر میں ترقیاتی منصوبوں کی بروقت تکمیل کیلئے اقدامات کا اعلان کیا ہے۔ اجلاس میں فیصلہ کیا گیا کہ تمام منصوبوں کی نگرانی کیلئے خصوصی کمیٹیاں قائم کی جائیں گی جو ہر ماہ پیش رفت رپورٹ پیش کریں گی۔ شہریوں کو بنیادی سہولیات کی فراہمی اولین ترجیح ہے۔

ضلعی انتظامیہ کی جانب سے تجاوزات کے خلاف آپریشن جاری ہے۔ بازاروں میں دکانوں کے آگے رکھا گیا سامان ضبط کر لیا گیا جبکہ متعدد دکانداروں کو جرمانے بھی کئے گئے۔ حکام کا کہنا ہے کہ شہر کی خوبصورتی برقرار رکھنے کیلئے مہم جاری رہے گی۔

FR
1 طاہر اشرفی	نئی بات

پولیس کے مطابق ملزمان نے رات گئے گھر میں داخل ہو کر اہل خانہ کو یرغمال بنا لیا اور نقدی، طلائی زیورات اور موبائل فون لوٹ کر فرار ہو گئے۔ واقعہ کی اطلاع ملنے پر پولیس موقع پر پہنچ گئی اور شواہد اکٹھے کر کے مقدمہ درج کر لیا گیا۔ ملزمان کی گرفتاری کیلئے ٹیمیں تشکیل دے دی گئی ہیں۔

حکومت نے صوبے بھر میں ترقیاتی منصوبوں کی بروقت تکمیل کیلئے اقدامات کا اعلان کیا ہے۔ اجلاس میں فیصلہ کیا گیا کہ تمام منصوبوں کی نگرانی کیلئے خصوصی کمیٹیاں قائم کی جائیں گی جو ہر ماہ پیش رفت رپورٹ پیش کریں گی۔ شہریوں کو بنیادی سہولیات کی فراہمی اولین ترجیح ہے۔

2	ایک ہفتہ	نئی بات

حکومت نے صوبے بھر میں ترقیاتی منصوبوں کی بروقت تکمیل کیلئے اقدامات کا اعلان کیا ہے۔ اجلاس میں فیصلہ کیا گیا کہ تمام منصوبوں کی نگرانی کیلئے خصوصی کمیٹیاں قائم کی جائیں گی جو ہر ماہ پیش رفت رپورٹ پیش کریں گی۔ شہریوں کو بنیادی سہولیات کی فراہمی اولین ترجیح ہے۔

مدعیہ نے عدالت میں موقف اختیار کیا کہ اس کا نکاح مدعا علیہ سے شرعی طریقے سے ہوا تھا مگر مدعا علیہ نے اسے نان و نفقہ ادا نہیں کیا اور گھر سے نکال دیا۔ مدعیہ نے استدعا کی کہ نکاح تنسیخ کیا جائے اور حق مہر و جہیز کا سامان واپس دلایا جائے۔

3 خطرات التوا نئی بات

مدعیہ نے عدالت میں موقف اختیار کیا کہ اس کا نکاح مدعا علیہ سے شرعی طریقے سے ہوا تھا مگر مدعا علیہ نے اسے نان و نفقہ ادا نہیں کیا اور گھر سے نکال دیا۔ مدعیہ نے استدعا کی کہ نکاح تنسیخ کیا جائے اور حق مہر و جہیز کا سامان واپس دلایا جائے۔

بعدالت محترمہ کرن اقبال
صاحبہ فیملی جج سیالکوٹ

عدالت ہذا میں دائر دعویٰ بابت ڈگری تنسیخ نکاح بوجہ خلع میں مدعا علیہ کو متعدد بار طلب کیا گیا مگر وہ عدالت میں حاضر نہ ہوا۔ لہٰذا بذریعہ اشتہار اخبار ہذا مدعا علیہ کو اطلاع دی جاتی ہے کہ وہ مقررہ تاریخ پیشی کو بوقت 8 بجے صبح اصالتاً یا وکالتاً حاضر عدالت ہو کر جواب دعویٰ داخل کرے بصورت دیگر اس کے خلاف کارروائی یکطرفہ عمل میں لائی جائے گی۔

مدعیہ نے عدالت میں موقف اختیار کیا کہ اس کا نکاح مدعا علیہ سے شرعی طریقے سے ہوا تھا مگر مدعا علیہ نے اسے نان و نفقہ ادا نہیں کیا اور گھر سے نکال دیا۔ مدعیہ نے استدعا کی کہ نکاح تنسیخ کیا جائے اور حق مہر و جہیز کا سامان واپس دلایا جائے۔

بعدالت محترمہ سارہ فاضل صاحبہ
سول جج سیالکوٹ

پولیس کے مطابق ملزمان نے رات گئے گھر میں داخل ہو کر اہل خانہ کو یرغمال بنا لیا اور نقدی، طلائی زیورات اور موبائل فون لوٹ کر فرار ہو گئے۔ واقعہ کی اطلاع ملنے پر پولیس موقع پر پہنچ گئی اور شواہد اکٹھے کر کے مقدمہ درج کر لیا گیا۔ ملزمان کی گرفتاری کیلئے ٹیمیں تشکیل دے دی گئی ہیں۔

شہر میں مہنگائی کے خلاف تاجروں اور شہریوں نے احتجاج کیا۔ مظاہرین کا کہنا تھا کہ اشیائے خورونوش کی قیمتوں میں اضافے سے غریب طبقہ شدید متاثر ہو رہا ہے۔ انتظامیہ نے مذاکرات کے بعد مطالبات حکام بالا تک پہنچانے کی یقین دہانی کرائی۔

بعدالت جناب تحصیلدار صاحب
تحصیل شرقپور ضلع شیخوپورہ

مدعیہ نے عدالت میں موقف اختیار کیا کہ اس کا نکاح مدعا علیہ سے شرعی طریقے سے ہوا تھا مگر مدعا علیہ نے اسے نان و نفقہ ادا نہیں کیا اور گھر سے نکال دیا۔ مدعیہ نے استدعا کی کہ نکاح تنسیخ کیا جائے اور حق مہر و جہیز کا سامان واپس دلایا جائے۔

عدالت ہذا میں دائر دعویٰ بابت ڈگری تنسیخ نکاح بوجہ خلع میں مدعا علیہ کو متعدد بار طلب کیا گیا مگر وہ عدالت میں حاضر نہ ہوا۔ لہٰذا بذریعہ اشتہار اخبار ہذا مدعا علیہ کو اطلاع دی جاتی ہے کہ وہ مقررہ تاریخ پیشی کو بوقت 8 بجے صبح اصالتاً یا وکالتاً حاضر عدالت ہو کر جواب دعویٰ داخل کرے بصورت دیگر اس کے خلاف کارروائی یکطرفہ عمل میں لائی جائے گی۔

عدالت ہذا میں دائر دعویٰ بابت ڈگری تنسیخ نکاح بوجہ خلع میں مدعا علیہ کو متعدد بار طلب کیا گیا مگر وہ عدالت میں حاضر نہ ہوا۔ لہٰذا بذریعہ اشتہار اخبار ہذا مدعا علیہ کو اطلاع دی جاتی ہے کہ وہ مقررہ تاریخ پیشی کو بوقت 8 بجے صبح اصالتاً یا وکالتاً حاضر عدالت ہو کر جواب دعویٰ داخل کرے بصورت دیگر اس کے خلاف کارروائی یکطرفہ عمل میں لائی جائے گی۔

حکومت نے صوبے بھر میں ترقیاتی منصوبوں کی بروقت تکمیل کیلئے اقدامات کا اعلان کیا ہے۔ اجلاس میں فیصلہ کیا گیا کہ تمام منصوبوں کی نگرانی کیلئے خصوصی کمیٹیاں قائم کی جائیں گی جو ہر ماہ پیش رفت رپورٹ پیش کریں گی۔ شہریوں کو بنیادی سہولیات کی فراہمی اولین ترجیح ہے۔

شہر میں مہنگائی کے خلاف تاجروں اور شہریوں نے احتجاج کیا۔ مظاہرین کا کہنا تھا کہ اشیائے خورونوش کی قیمتوں میں اضافے سے غریب طبقہ شدید متاثر ہو رہا ہے۔ انتظامیہ نے مذاکرات کے بعد مطالبات حکام بالا تک پہنچانے کی یقین دہانی کرائی۔

مکان برائے فروخت

6 مرلہ ڈبل سٹوری مکان، پانی بجلی گیس موجود، کارنر پلاٹ، ڈبل کچن، 4 بیڈ روم، رابطہ:

0300-8082953
Staff
بعدالت جناب ساجد علی صاحب
سول جج فیملی جج سیالکوٹ

شہر میں مہنگائی کے خلاف تاجروں اور شہریوں نے احتجاج کیا۔ مظاہرین کا کہنا تھا کہ اشیائے خورونوش کی قیمتوں میں اضافے سے غریب طبقہ شدید متاثر ہو رہا ہے۔ انتظامیہ نے مذاکرات کے بعد مطالبات حکام بالا تک پہنچانے کی یقین دہانی کرائی۔

پولیس کے مطابق ملزمان نے رات گئے گھر میں داخل ہو کر اہل خانہ کو یرغمال بنا لیا اور نقدی، طلائی زیورات اور موبائل فون لوٹ کر فرار ہو گئے۔ واقعہ کی اطلاع ملنے پر پولیس موقع پر پہنچ گئی اور شواہد اکٹھے کر کے مقدمہ درج کر لیا گیا۔ ملزمان کی گرفتاری کیلئے ٹیمیں تشکیل دے دی گئی ہیں۔

FR
بعدالت جناب محمد یاسین صاحب
سول جج فیملی ڈیرہ غازی خان

ضلعی انتظامیہ کی جانب سے تجاوزات کے خلاف آپریشن جاری ہے۔ بازاروں میں دکانوں کے آگے رکھا گیا سامان ضبط کر لیا گیا جبکہ متعدد دکانداروں کو جرمانے بھی کئے گئے۔ حکام کا کہنا ہے کہ شہر کی خوبصورتی برقرار رکھنے کیلئے مہم جاری رہے گی۔

حکومت نے صوبے بھر میں ترقیاتی منصوبوں کی بروقت تکمیل کیلئے اقدامات کا اعلان کیا ہے۔ اجلاس میں فیصلہ کیا گیا کہ تمام منصوبوں کی نگرانی کیلئے خصوصی کمیٹیاں قائم کی جائیں گی جو ہر ماہ پیش رفت رپورٹ پیش کریں گی۔ شہریوں کو بنیادی سہولیات کی فراہمی اولین ترجیح ہے۔

FR
بعدالت جناب سید احمد رضا شیرازی
چیئرمین ثالثی کونسل وصالحتی کونسل نمبر 66 گلبرگ لاہور

حکومت نے صوبے بھر میں ترقیاتی منصوبوں کی بروقت تکمیل کیلئے اقدامات کا اعلان کیا ہے۔ اجلاس میں فیصلہ کیا گیا کہ تمام منصوبوں کی نگرانی کیلئے خصوصی کمیٹیاں قائم کی جائیں گی جو ہر ماہ پیش رفت رپورٹ پیش کریں گی۔ شہریوں کو بنیادی سہولیات کی فراہمی اولین ترجیح ہے۔

ضلعی انتظامیہ کی جانب سے تجاوزات کے خلاف آپریشن جاری ہے۔ بازاروں میں دکانوں کے آگے رکھا گیا سامان ضبط کر لیا گیا جبکہ متعدد دکانداروں کو جرمانے بھی کئے گئے۔ حکام کا کہنا ہے کہ شہر کی خوبصورتی برقرار رکھنے کیلئے مہم جاری رہے گی۔

Najam
